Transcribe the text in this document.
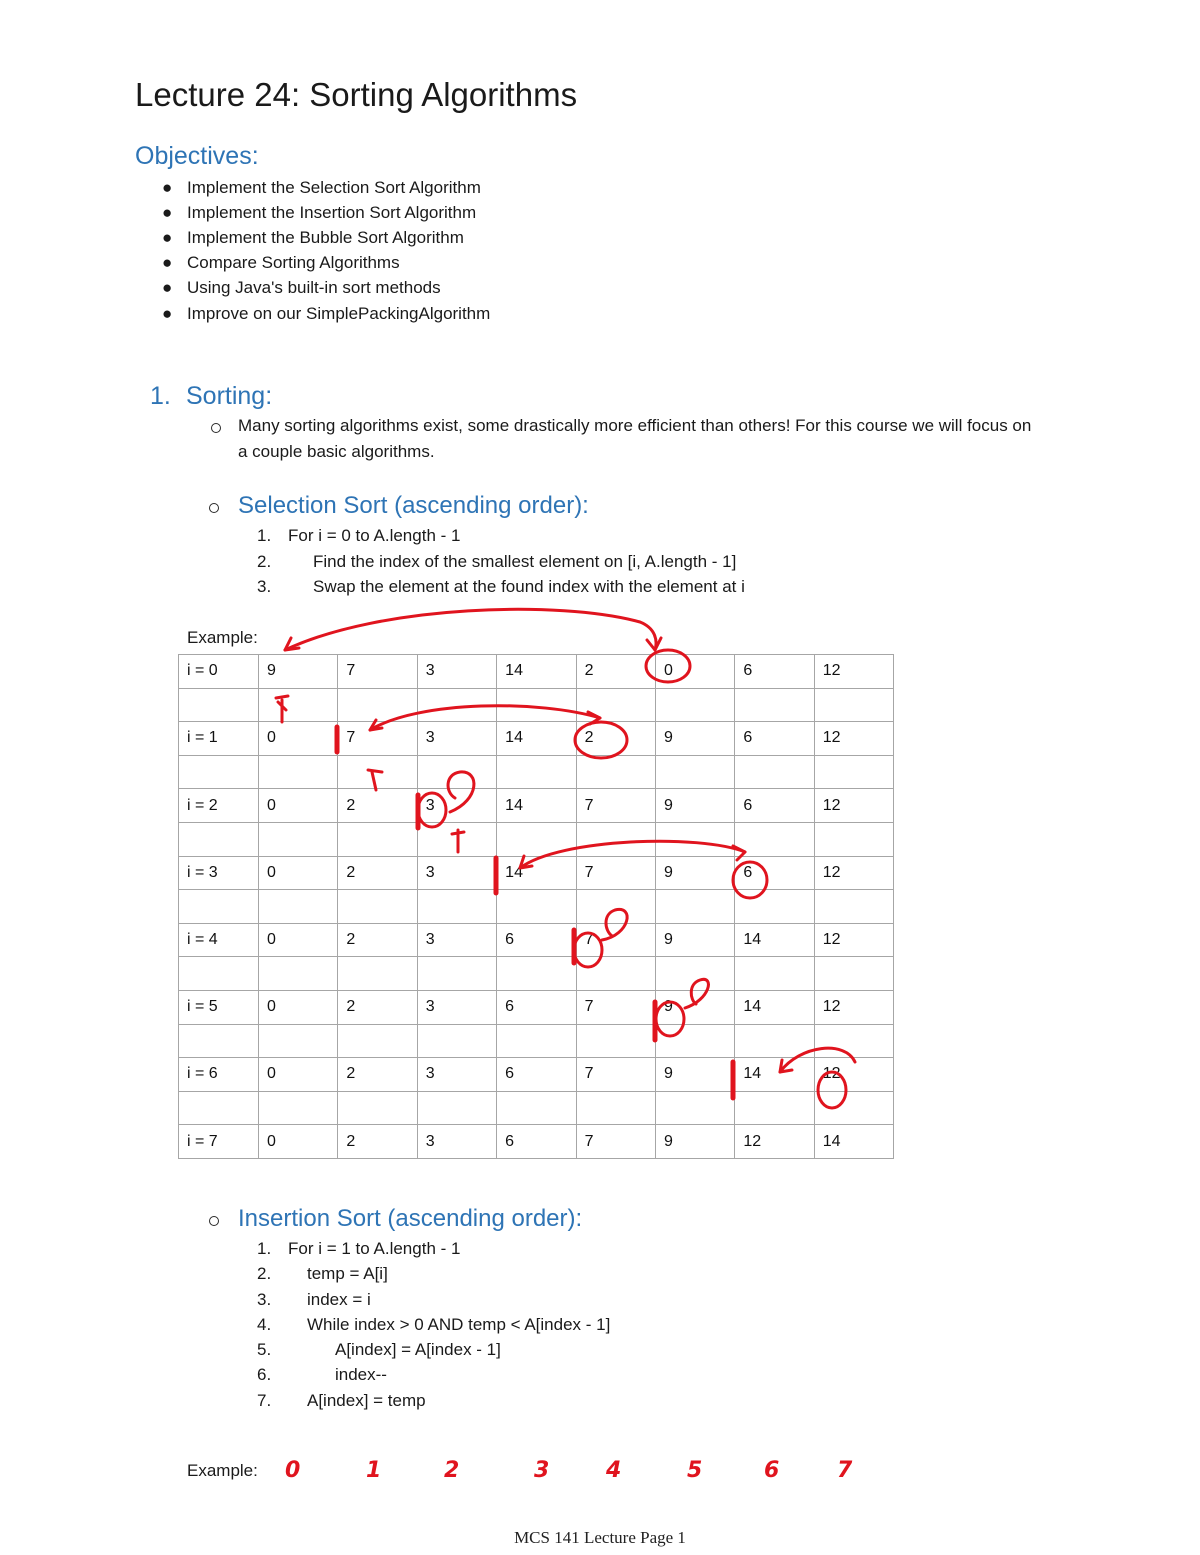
Lecture 24: Sorting Algorithms
Objectives:
● Implement the Selection Sort Algorithm
● Implement the Insertion Sort Algorithm
● Implement the Bubble Sort Algorithm
● Compare Sorting Algorithms
● Using Java's built-in sort methods
● Improve on our SimplePackingAlgorithm
1. Sorting:
Many sorting algorithms exist, some drastically more efficient than others! For this course we will focus on
a couple basic algorithms.
Selection Sort (ascending order):
1. For i = 0 to A.length - 1
2. Find the index of the smallest element on [i, A.length - 1]
3. Swap the element at the found index with the element at i
Example:
i = 0	9	7	3	14	2	0	6	12

i = 1	0	7	3	14	2	9	6	12

i = 2	0	2	3	14	7	9	6	12

i = 3	0	2	3	14	7	9	6	12

i = 4	0	2	3	6	7	9	14	12

i = 5	0	2	3	6	7	9	14	12

i = 6	0	2	3	6	7	9	14	12

i = 7	0	2	3	6	7	9	12	14
Insertion Sort (ascending order):
1. For i = 1 to A.length - 1
2. temp = A[i]
3. index = i
4. While index > 0 AND temp < A[index - 1]
5.	A[index] = A[index - 1]
6.	index--
7. A[index] = temp
Example: 0	1	2	3	4	5	6	7
MCS 141 Lecture Page 1
